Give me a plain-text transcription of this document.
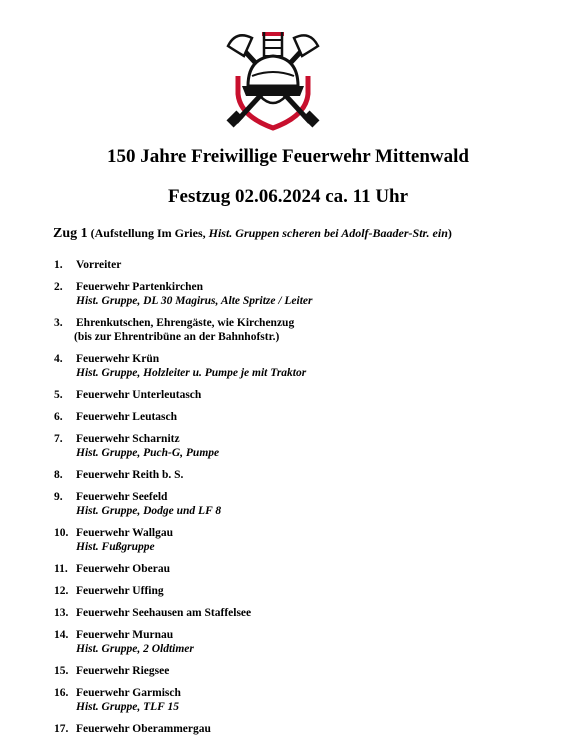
150 Jahre Freiwillige Feuerwehr Mittenwald
Festzug 02.06.2024 ca. 11 Uhr

Zug 1 (Aufstellung Im Gries, Hist. Gruppen scheren bei Adolf-Baader-Str. ein)

1.	Vorreiter
2.	Feuerwehr Partenkirchen
Hist. Gruppe, DL 30 Magirus, Alte Spritze / Leiter
3.	Ehrenkutschen, Ehrengäste, wie Kirchenzug
(bis zur Ehrentribüne an der Bahnhofstr.)
4.	Feuerwehr Krün
Hist. Gruppe, Holzleiter u. Pumpe je mit Traktor
5.	Feuerwehr Unterleutasch
6.	Feuerwehr Leutasch
7.	Feuerwehr Scharnitz
Hist. Gruppe, Puch-G, Pumpe
8.	Feuerwehr Reith b. S.
9.	Feuerwehr Seefeld
Hist. Gruppe, Dodge und LF 8
10. Feuerwehr Wallgau
Hist. Fußgruppe
11. Feuerwehr Oberau
12. Feuerwehr Uffing
13. Feuerwehr Seehausen am Staffelsee
14. Feuerwehr Murnau
Hist. Gruppe, 2 Oldtimer
15. Feuerwehr Riegsee
16. Feuerwehr Garmisch
Hist. Gruppe, TLF 15
17. Feuerwehr Oberammergau
